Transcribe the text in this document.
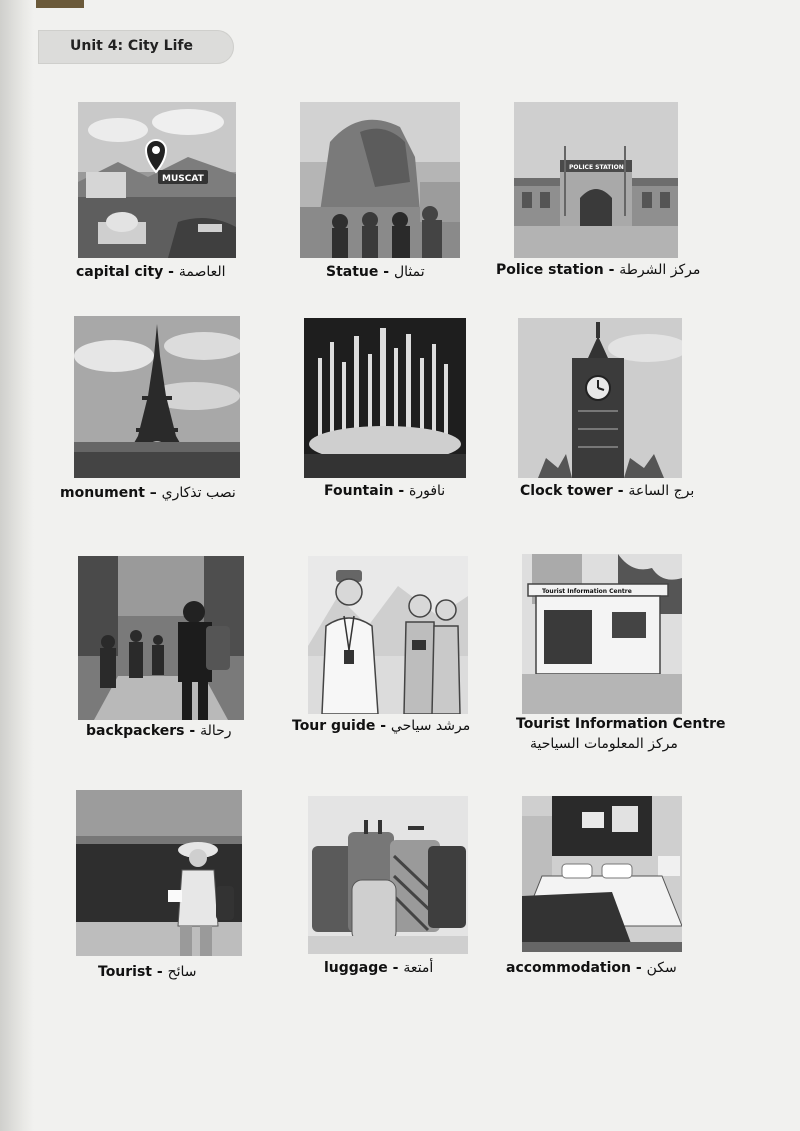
Unit 4: City Life
MUSCAT
capital city - العاصمة	Statue - تمثال
POLICE STATION
Police station - مركز الشرطة
monument – نصب تذكاري	Fountain - نافورة	Clock tower - برج الساعة
backpackers - رحالة	Tour guide - مرشد سياحي
Tourist Information Centre
Tourist Information Centre
مركز المعلومات السياحية
Tourist - سائح	luggage - أمتعة	accommodation - سكن
